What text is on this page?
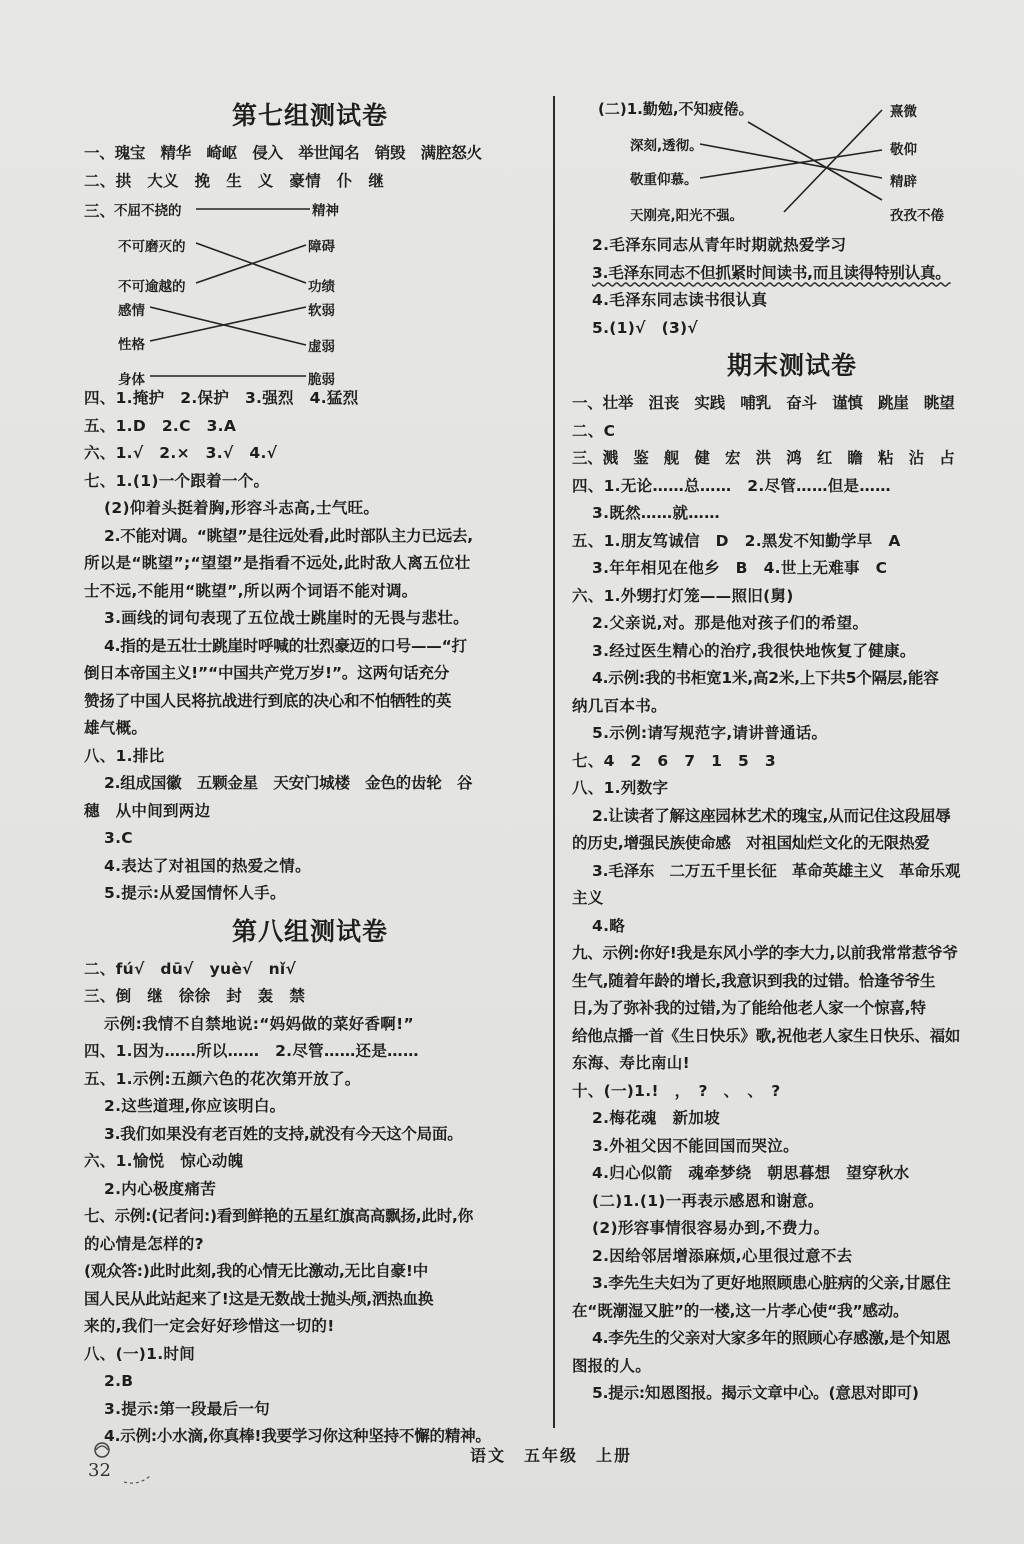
第七组测试卷
一、瑰宝　精华　崎岖　侵入　举世闻名　销毁　满腔怒火
二、拱　大义　挽　生　义　豪情　仆　继
三、
不屈不挠的
不可磨灭的
不可逾越的
感情
性格
身体
精神
障碍
功绩
软弱
虚弱
脆弱
四、1.掩护　2.保护　3.强烈　4.猛烈
五、1.D　2.C　3.A
六、1.√　2.×　3.√　4.√
七、1.(1)一个跟着一个。
(2)仰着头挺着胸,形容斗志高,士气旺。
2.不能对调。“眺望”是往远处看,此时部队主力已远去,
所以是“眺望”;“望望”是指看不远处,此时敌人离五位壮
士不远,不能用“眺望”,所以两个词语不能对调。
3.画线的词句表现了五位战士跳崖时的无畏与悲壮。
4.指的是五壮士跳崖时呼喊的壮烈豪迈的口号——“打
倒日本帝国主义!”“中国共产党万岁!”。这两句话充分
赞扬了中国人民将抗战进行到底的决心和不怕牺牲的英
雄气概。
八、1.排比
2.组成国徽　五颗金星　天安门城楼　金色的齿轮　谷
穗　从中间到两边
3.C
4.表达了对祖国的热爱之情。
5.提示:从爱国情怀人手。
第八组测试卷
二、fú√　dū√　yuè√　nǐ√
三、倒　继　徐徐　封　轰　禁
示例:我情不自禁地说:“妈妈做的菜好香啊!”
四、1.因为……所以……　2.尽管……还是……
五、1.示例:五颜六色的花次第开放了。
2.这些道理,你应该明白。
3.我们如果没有老百姓的支持,就没有今天这个局面。
六、1.愉悦　惊心动魄
2.内心极度痛苦
七、示例:(记者问:)看到鲜艳的五星红旗高高飘扬,此时,你
的心情是怎样的?
(观众答:)此时此刻,我的心情无比激动,无比自豪!中
国人民从此站起来了!这是无数战士抛头颅,洒热血换
来的,我们一定会好好珍惜这一切的!
八、(一)1.时间
2.B
3.提示:第一段最后一句
4.示例:小水滴,你真棒!我要学习你这种坚持不懈的精神。
(二)1.勤勉,不知疲倦。
深刻,透彻。
敬重仰慕。
天刚亮,阳光不强。
熹微
敬仰
精辟
孜孜不倦
2.毛泽东同志从青年时期就热爱学习
3.毛泽东同志不但抓紧时间读书,而且读得特别认真。
4.毛泽东同志读书很认真
5.(1)√　(3)√
期末测试卷
一、壮举　沮丧　实践　哺乳　奋斗　谨慎　跳崖　眺望
二、C
三、溅　鉴　舰　健　宏　洪　鸿　红　瞻　粘　沾　占
四、1.无论……总……　2.尽管……但是……
3.既然……就……
五、1.朋友笃诚信　D　2.黑发不知勤学早　A
3.年年相见在他乡　B　4.世上无难事　C
六、1.外甥打灯笼——照旧(舅)
2.父亲说,对。那是他对孩子们的希望。
3.经过医生精心的治疗,我很快地恢复了健康。
4.示例:我的书柜宽1米,高2米,上下共5个隔层,能容
纳几百本书。
5.示例:请写规范字,请讲普通话。
七、4　2　6　7　1　5　3
八、1.列数字
2.让读者了解这座园林艺术的瑰宝,从而记住这段屈辱
的历史,增强民族使命感　对祖国灿烂文化的无限热爱
3.毛泽东　二万五千里长征　革命英雄主义　革命乐观
主义
4.略
九、示例:你好!我是东风小学的李大力,以前我常常惹爷爷
生气,随着年龄的增长,我意识到我的过错。恰逢爷爷生
日,为了弥补我的过错,为了能给他老人家一个惊喜,特
给他点播一首《生日快乐》歌,祝他老人家生日快乐、福如
东海、寿比南山!
十、(一)1.!　，　?　、　、　?
2.梅花魂　新加坡
3.外祖父因不能回国而哭泣。
4.归心似箭　魂牵梦绕　朝思暮想　望穿秋水
(二)1.(1)一再表示感恩和谢意。
(2)形容事情很容易办到,不费力。
2.因给邻居增添麻烦,心里很过意不去
3.李先生夫妇为了更好地照顾患心脏病的父亲,甘愿住
在“既潮湿又脏”的一楼,这一片孝心使“我”感动。
4.李先生的父亲对大家多年的照顾心存感激,是个知恩
图报的人。
5.提示:知恩图报。揭示文章中心。(意思对即可)
32
语文　五年级　上册
